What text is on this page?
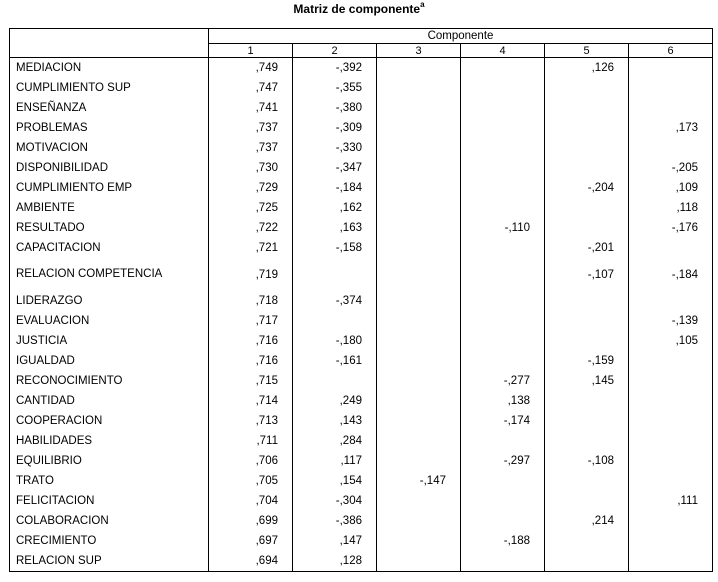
Matriz de componente$^a$
	Componente					
	1	2	3	4	5	6
MEDIACION	,749	-,392			,126	
CUMPLIMIENTO SUP	,747	-,355				
ENSEÑANZA	,741	-,380				
PROBLEMAS	,737	-,309				,173
MOTIVACION	,737	-,330				
DISPONIBILIDAD	,730	-,347				-,205
CUMPLIMIENTO EMP	,729	-,184			-,204	,109
AMBIENTE	,725	,162				,118
RESULTADO	,722	,163		-,110		-,176
CAPACITACION	,721	-,158			-,201	
RELACION COMPETENCIA	,719				-,107	-,184
LIDERAZGO	,718	-,374				
EVALUACION	,717					-,139
JUSTICIA	,716	-,180				,105
IGUALDAD	,716	-,161			-,159	
RECONOCIMIENTO	,715			-,277	,145	
CANTIDAD	,714	,249		,138		
COOPERACION	,713	,143		-,174		
HABILIDADES	,711	,284				
EQUILIBRIO	,706	,117		-,297	-,108	
TRATO	,705	,154	-,147			
FELICITACION	,704	-,304				,111
COLABORACION	,699	-,386			,214	
CRECIMIENTO	,697	,147		-,188		
RELACION SUP	,694	,128				
